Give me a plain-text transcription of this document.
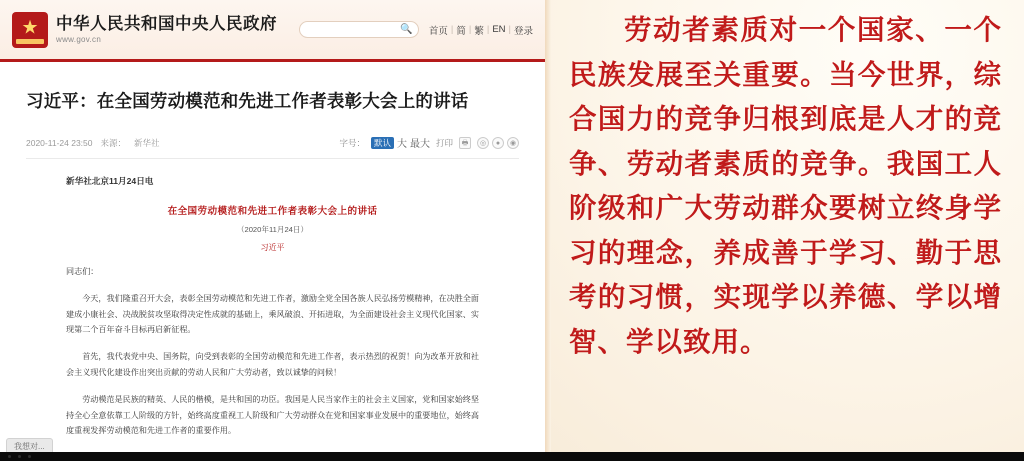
★
中华人民共和国中央人民政府
www.gov.cn
🔍 首页 | 简 | 繁 | EN | 登录
习近平：在全国劳动模范和先进工作者表彰大会上的讲话
2020-11-24 23:50 来源： 新华社	字号：	默认 大 最大 打印	🖶	◎	●	◉
新华社北京11月24日电
在全国劳动模范和先进工作者表彰大会上的讲话
（2020年11月24日）
习近平

同志们：

今天，我们隆重召开大会，表彰全国劳动模范和先进工作者，激励全党全国各族人民弘扬劳模精神，在决胜全面建成小康社会、决战脱贫攻坚取得决定性成就的基础上，乘风破浪、开拓进取，为全面建设社会主义现代化国家、实现第二个百年奋斗目标再启新征程。

首先，我代表党中央、国务院，向受到表彰的全国劳动模范和先进工作者，表示热烈的祝贺！向为改革开放和社会主义现代化建设作出突出贡献的劳动人民和广大劳动者，致以诚挚的问候！

劳动模范是民族的精英、人民的楷模，是共和国的功臣。我国是人民当家作主的社会主义国家，党和国家始终坚持全心全意依靠工人阶级的方针，始终高度重视工人阶级和广大劳动群众在党和国家事业发展中的重要地位，始终高度重视发挥劳动模范和先进工作者的重要作用。

我想对...
劳动者素质对一个国家、一个民族发展至关重要。当今世界，综合国力的竞争归根到底是人才的竞争、劳动者素质的竞争。我国工人阶级和广大劳动群众要树立终身学习的理念，养成善于学习、勤于思考的习惯，实现学以养德、学以增智、学以致用。
